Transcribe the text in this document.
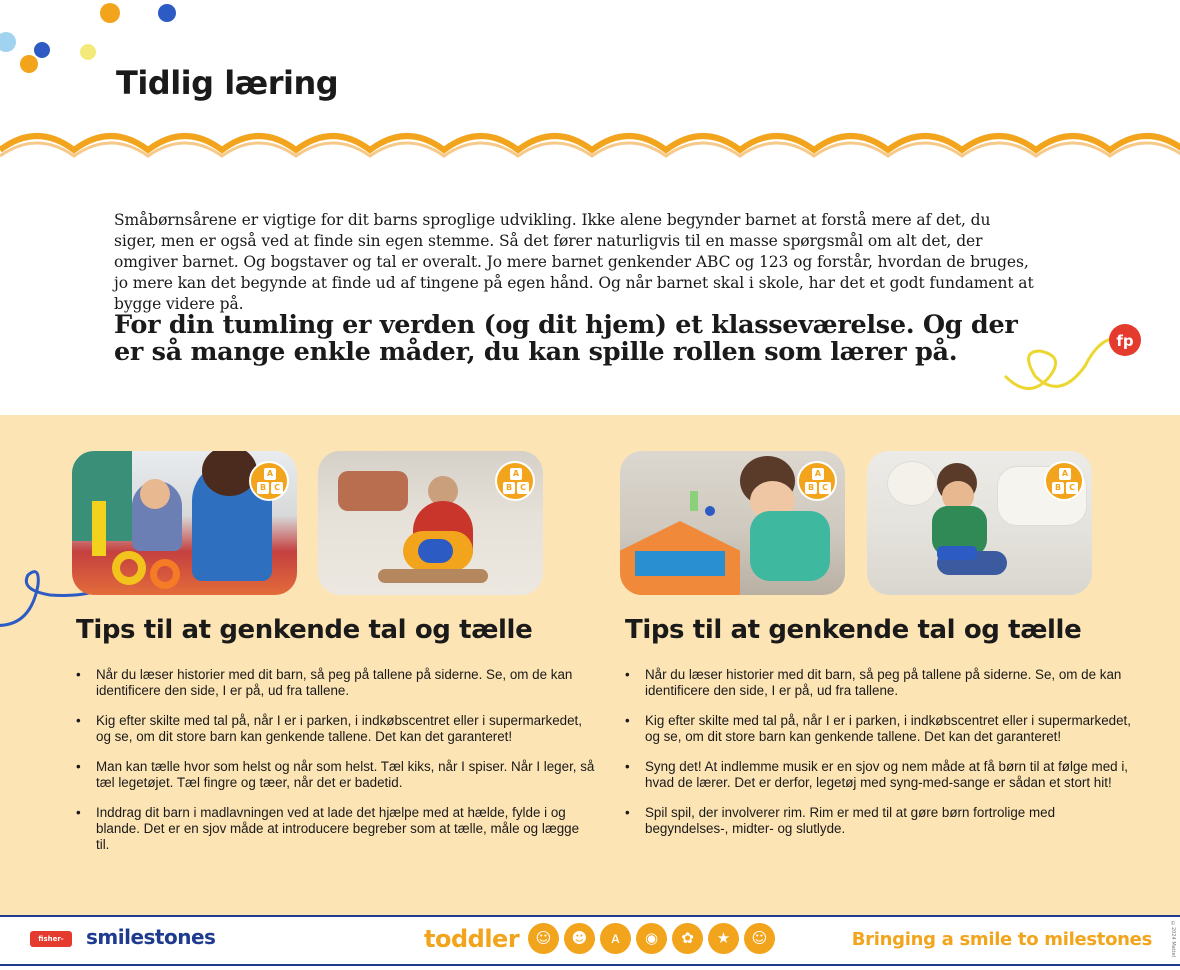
Tidlig læring

Småbørnsårene er vigtige for dit barns sproglige udvikling. Ikke alene begynder barnet at forstå mere af det, du siger, men er også ved at finde sin egen stemme. Så det fører naturligvis til en masse spørgsmål om alt det, der omgiver barnet. Og bogstaver og tal er overalt. Jo mere barnet genkender ABC og 123 og forstår, hvordan de bruges, jo mere kan det begynde at finde ud af tingene på egen hånd. Og når barnet skal i skole, har det et godt fundament at bygge videre på.

For din tumling er verden (og dit hjem) et klasseværelse. Og der er så mange enkle måder, du kan spille rollen som lærer på.	fp
A
B	C
A
B	C
A
B	C
A
B	C
Tips til at genkende tal og tælle
• Når du læser historier med dit barn, så peg på tallene på siderne. Se, om de kan identificere den side, I er på, ud fra tallene.
• Kig efter skilte med tal på, når I er i parken, i indkøbscentret eller i supermarkedet, og se, om dit store barn kan genkende tallene. Det kan det garanteret!
• Man kan tælle hvor som helst og når som helst. Tæl kiks, når I spiser. Når I leger, så tæl legetøjet. Tæl fingre og tæer, når det er badetid.
• Inddrag dit barn i madlavningen ved at lade det hjælpe med at hælde, fylde i og blande. Det er en sjov måde at introducere begreber som at tælle, måle og lægge til.
Tips til at genkende tal og tælle
• Når du læser historier med dit barn, så peg på tallene på siderne. Se, om de kan identificere den side, I er på, ud fra tallene.
• Kig efter skilte med tal på, når I er i parken, i indkøbscentret eller i supermarkedet, og se, om dit store barn kan genkende tallene. Det kan det garanteret!
• Syng det! At indlemme musik er en sjov og nem måde at få børn til at følge med i, hvad de lærer. Det er derfor, legetøj med syng-med-sange er sådan et stort hit!
• Spil spil, der involverer rim. Rim er med til at gøre børn fortrolige med begyndelses-, midter- og slutlyde.
fisher-price
smilestones	toddler	☺	☻	ᴀ	◉	✿	★	☺	Bringing a smile to milestones	©2024 Mattel
